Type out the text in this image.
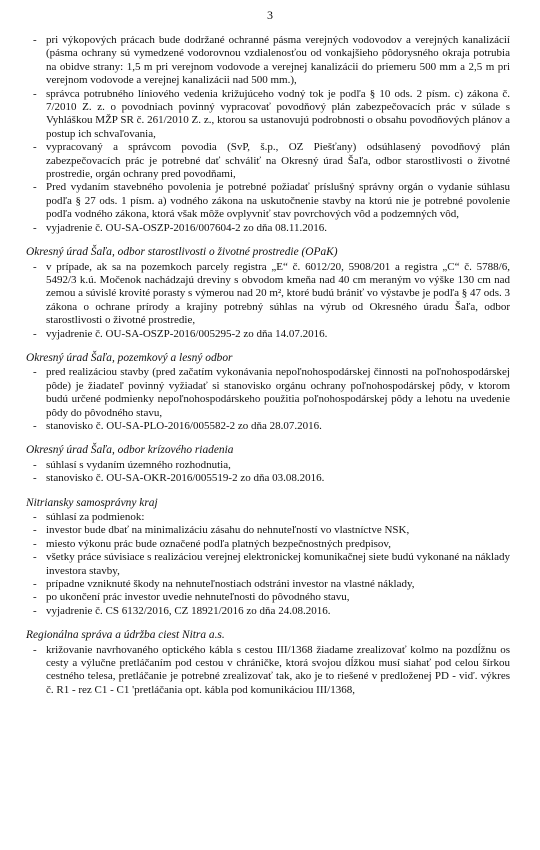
3
- pri výkopových prácach bude dodržané ochranné pásma verejných vodovodov a verejných kanalizácií (pásma ochrany sú vymedzené vodorovnou vzdialenosťou od vonkajšieho pôdorysného okraja potrubia na obidve strany: 1,5 m pri verejnom vodovode a verejnej kanalizácii do priemeru 500 mm a 2,5 m pri verejnom vodovode a verejnej kanalizácii nad 500 mm.),
- správca potrubného líniového vedenia križujúceho vodný tok je podľa § 10 ods. 2 písm. c) zákona č. 7/2010 Z. z. o povodniach povinný vypracovať povodňový plán zabezpečovacích prác v súlade s Vyhláškou MŽP SR č. 261/2010 Z. z., ktorou sa ustanovujú podrobnosti o obsahu povodňových plánov a postup ich schvaľovania,
- vypracovaný a správcom povodia (SvP, š.p., OZ Piešťany) odsúhlasený povodňový plán zabezpečovacích prác je potrebné dať schváliť na Okresný úrad Šaľa, odbor starostlivosti o životné prostredie, orgán ochrany pred povodňami,
- Pred vydaním stavebného povolenia je potrebné požiadať príslušný správny orgán o vydanie súhlasu podľa § 27 ods. 1 písm. a) vodného zákona na uskutočnenie stavby na ktorú nie je potrebné povolenie podľa vodného zákona, ktorá však môže ovplyvniť stav povrchových vôd a podzemných vôd,
- vyjadrenie č. OU-SA-OSZP-2016/007604-2 zo dňa 08.11.2016.
Okresný úrad Šaľa, odbor starostlivosti o životné prostredie (OPaK)
- v prípade, ak sa na pozemkoch parcely registra „E“ č. 6012/20, 5908/201 a registra „C“ č. 5788/6, 5492/3 k.ú. Močenok nachádzajú dreviny s obvodom kmeňa nad 40 cm meraným vo výške 130 cm nad zemou a súvislé krovité porasty s výmerou nad 20 m², ktoré budú brániť vo výstavbe je podľa § 47 ods. 3 zákona o ochrane prírody a krajiny potrebný súhlas na výrub od Okresného úradu Šaľa, odbor starostlivosti o životné prostredie,
- vyjadrenie č. OU-SA-OSZP-2016/005295-2 zo dňa 14.07.2016.
Okresný úrad Šaľa, pozemkový a lesný odbor
- pred realizáciou stavby (pred začatím vykonávania nepoľnohospodárskej činnosti na poľnohospodárskej pôde) je žiadateľ povinný vyžiadať si stanovisko orgánu ochrany poľnohospodárskej pôdy, v ktorom budú určené podmienky nepoľnohospodárskeho použitia poľnohospodárskej pôdy a lehotu na uvedenie pôdy do pôvodného stavu,
- stanovisko č. OU-SA-PLO-2016/005582-2 zo dňa 28.07.2016.
Okresný úrad Šaľa, odbor krízového riadenia
- súhlasí s vydaním územného rozhodnutia,
- stanovisko č. OU-SA-OKR-2016/005519-2 zo dňa 03.08.2016.
Nitriansky samosprávny kraj
- súhlasí za podmienok:
- investor bude dbať na minimalizáciu zásahu do nehnuteľností vo vlastníctve NSK,
- miesto výkonu prác bude označené podľa platných bezpečnostných predpisov,
- všetky práce súvisiace s realizáciou verejnej elektronickej komunikačnej siete budú vykonané na náklady investora stavby,
- prípadne vzniknuté škody na nehnuteľnostiach odstráni investor na vlastné náklady,
- po ukončení prác investor uvedie nehnuteľnosti do pôvodného stavu,
- vyjadrenie č. CS 6132/2016, CZ 18921/2016 zo dňa 24.08.2016.
Regionálna správa a údržba ciest Nitra a.s.
- križovanie navrhovaného optického kábla s cestou III/1368 žiadame zrealizovať kolmo na pozdĺžnu os cesty a výlučne pretláčaním pod cestou v chráničke, ktorá svojou dĺžkou musí siahať pod celou šírkou cestného telesa, pretláčanie je potrebné zrealizovať tak, ako je to riešené v predloženej PD - viď. výkres č. R1 - rez C1 - C1 'pretláčania opt. kábla pod komunikáciou III/1368,
